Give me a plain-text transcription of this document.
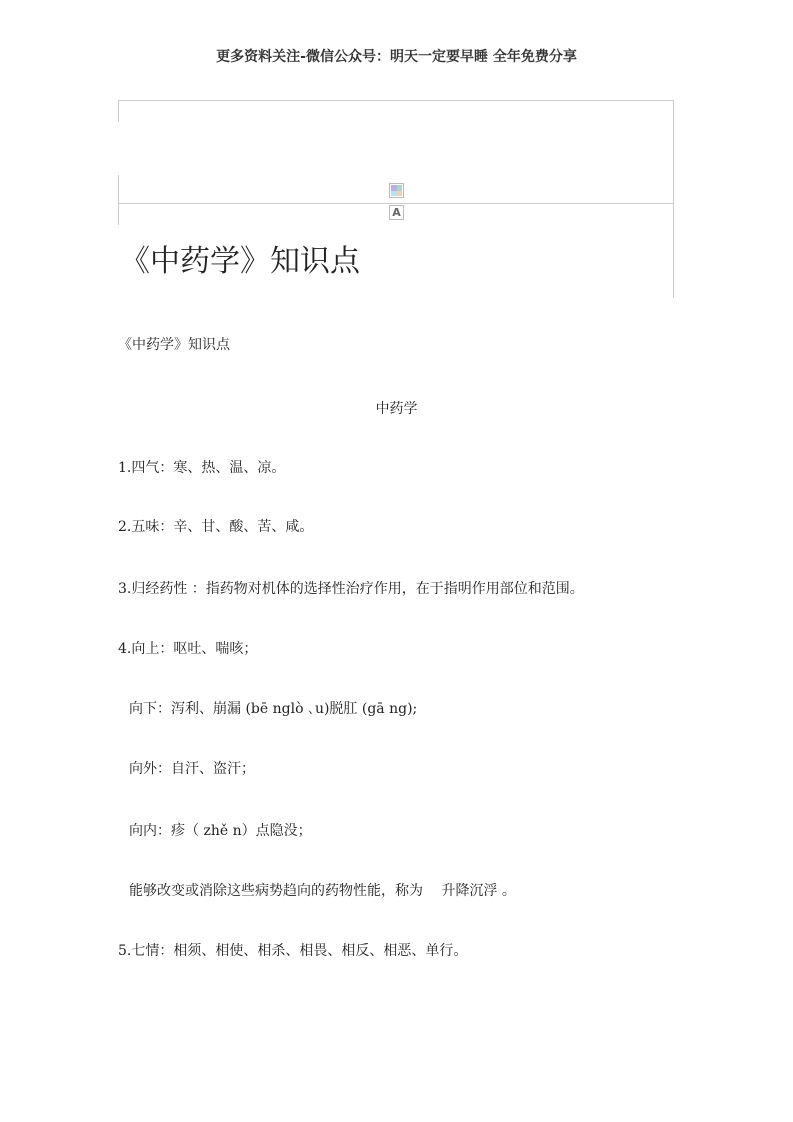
更多资料关注-微信公众号：明天一定要早睡 全年免费分享
A
《中药学》知识点
《中药学》知识点
中药学
1.四气：寒、热、温、凉。
2.五味：辛、甘、酸、苦、咸。
3.归经药性 ：指药物对机体的选择性治疗作用，在于指明作用部位和范围。
4.向上：呕吐、喘咳；
向下：泻利、崩漏 (bē nglò ､u)脱肛 (gā ng);
向外：自汗、盗汗；
向内：疹（ zhě n）点隐没；
能够改变或消除这些病势趋向的药物性能，称为　 升降沉浮 。
5.七情：相须、相使、相杀、相畏、相反、相恶、单行。
